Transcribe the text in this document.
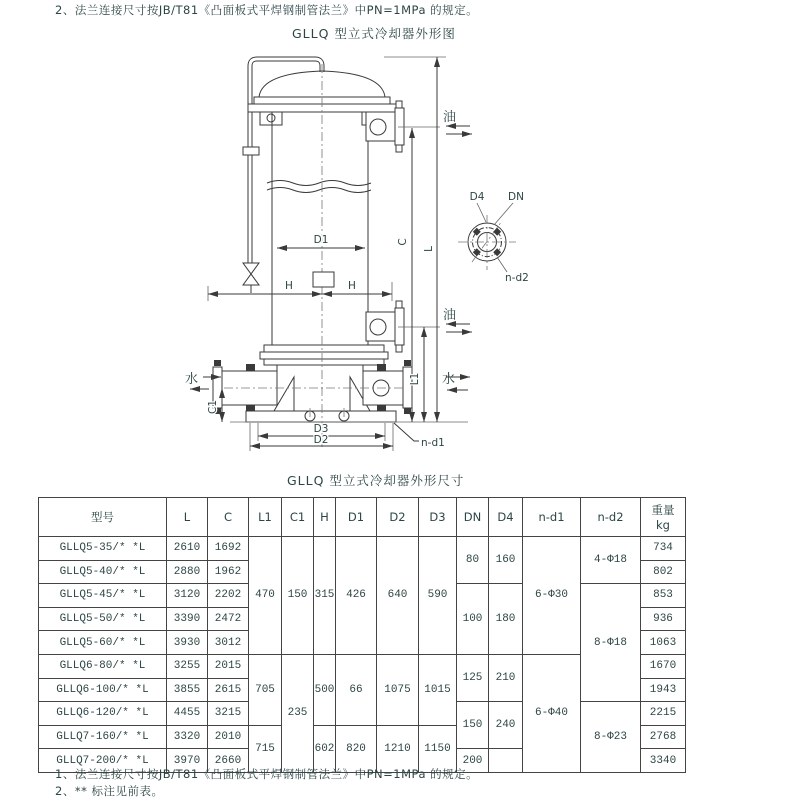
2、法兰连接尺寸按JB/T81《凸面板式平焊钢制管法兰》中PN=1MPa 的规定。
GLLQ 型立式冷却器外形图
D1
H	H
C
L1
L
C1
D3
D2	n-d1
油
油
水	水
D4 DN
n-d2
GLLQ 型立式冷却器外形尺寸
型号	L	C	L1	C1	H	D1	D2	D3	DN	D4	n-d1	n-d2	重量
kg

GLLQ5-35/* *L	2610	1692	470	150	315	426	640	590	80	160	6-Φ30	4-Φ18	734
GLLQ5-40/* *L	2880	1962											802
GLLQ5-45/* *L	3120	2202							100	180		8-Φ18	853
GLLQ5-50/* *L	3390	2472											936
GLLQ5-60/* *L	3930	3012											1063
GLLQ6-80/* *L	3255	2015	705	235	500	66	1075	1015	125	210	6-Φ40		1670
GLLQ6-100/* *L	3855	2615											1943
GLLQ6-120/* *L	4455	3215							150	240		8-Φ23	2215
GLLQ7-160/* *L	3320	2010	715		602	820	1210	1150					2768
GLLQ7-200/* *L	3970	2660							200				3340
1、法兰连接尺寸按JB/T81《凸面板式平焊钢制管法兰》中PN=1MPa 的规定。
2、** 标注见前表。
